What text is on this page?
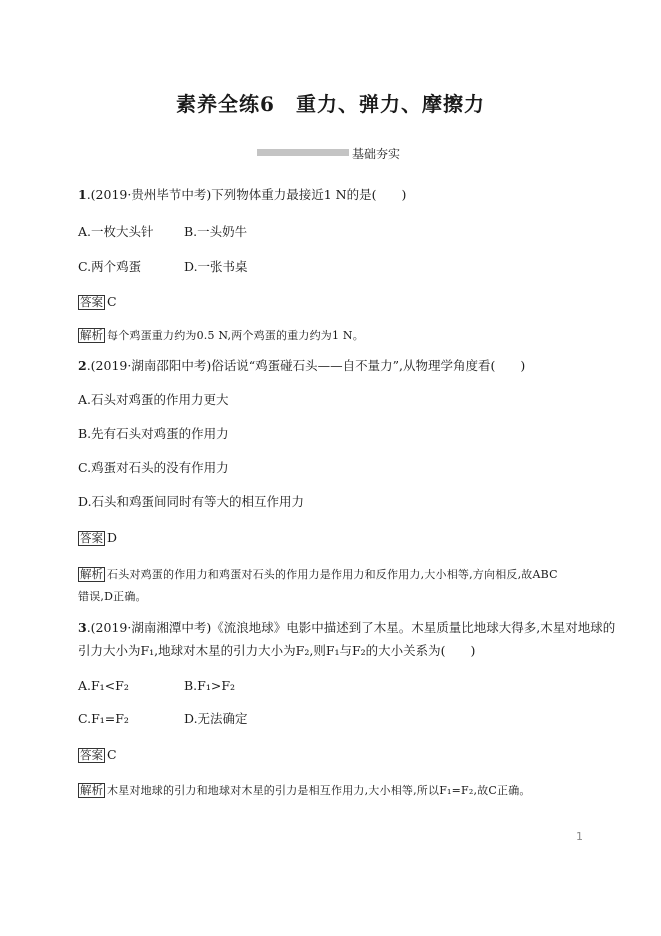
素养全练6　重力、弹力、摩擦力
基础夯实
1.(2019·贵州毕节中考)下列物体重力最接近1 N的是(　　)
A.一枚大头针 B.一头奶牛
C.两个鸡蛋	D.一张书桌
答案 C
解析 每个鸡蛋重力约为0.5 N,两个鸡蛋的重力约为1 N。
2.(2019·湖南邵阳中考)俗话说“鸡蛋碰石头——自不量力”,从物理学角度看(　　)
A.石头对鸡蛋的作用力更大
B.先有石头对鸡蛋的作用力
C.鸡蛋对石头的没有作用力
D.石头和鸡蛋间同时有等大的相互作用力
答案 D
解析 石头对鸡蛋的作用力和鸡蛋对石头的作用力是作用力和反作用力,大小相等,方向相反,故ABC
错误,D正确。
3.(2019·湖南湘潭中考)《流浪地球》电影中描述到了木星。木星质量比地球大得多,木星对地球的
引力大小为F₁,地球对木星的引力大小为F₂,则F₁与F₂的大小关系为(　　)
A.F₁<F₂	B.F₁>F₂
C.F₁=F₂	D.无法确定
答案 C
解析 木星对地球的引力和地球对木星的引力是相互作用力,大小相等,所以F₁=F₂,故C正确。
1
